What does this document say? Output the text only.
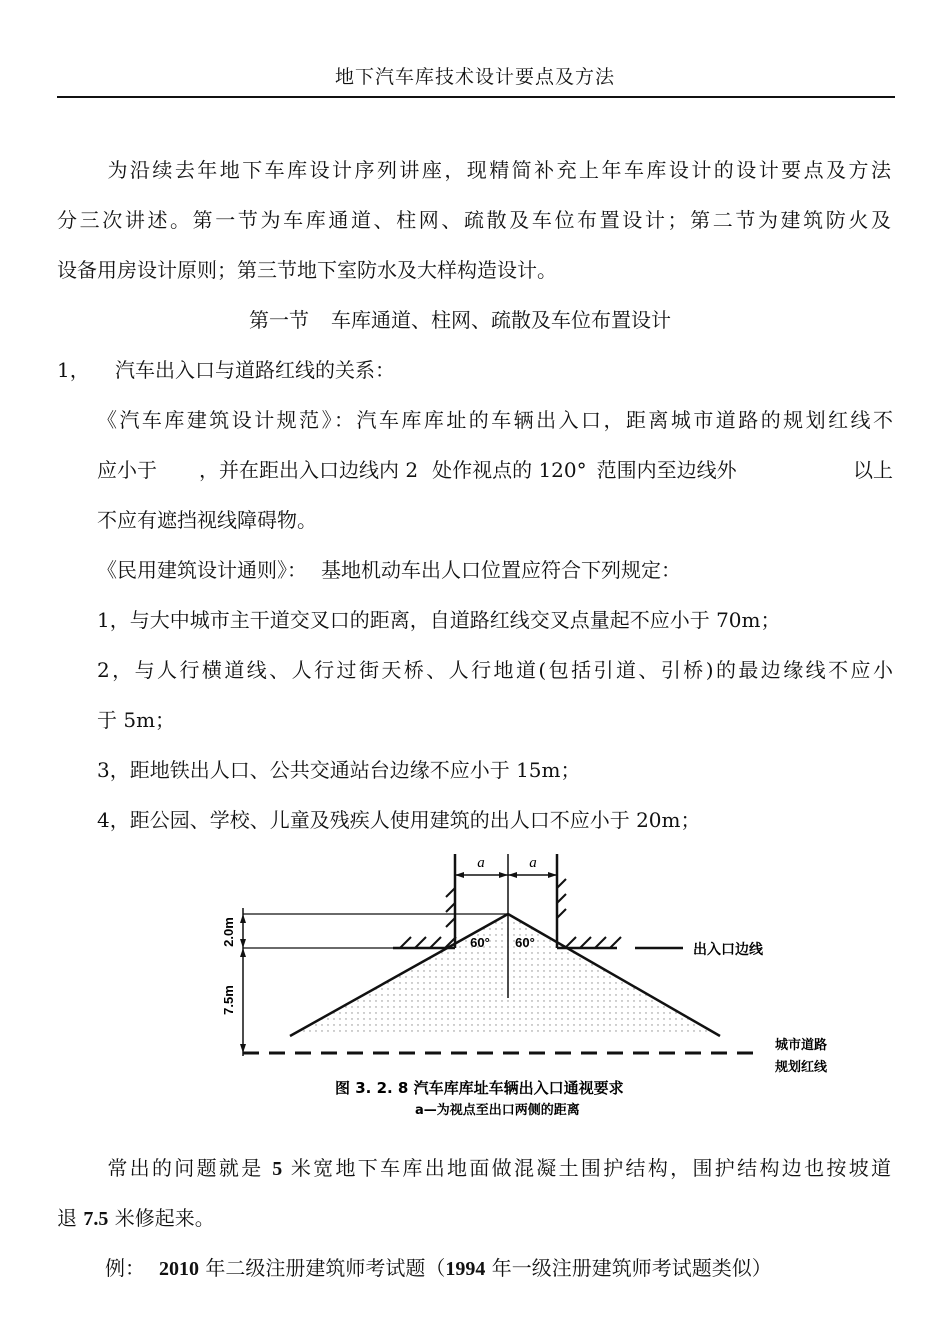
地下汽车库技术设计要点及方法
为沿续去年地下车库设计序列讲座，现精简补充上年车库设计的设计要点及方法
分三次讲述。第一节为车库通道、柱网、疏散及车位布置设计；第二节为建筑防火及
设备用房设计原则；第三节地下室防水及大样构造设计。
第一节 车库通道、柱网、疏散及车位布置设计
1， 汽车出入口与道路红线的关系：
《汽车库建筑设计规范》：汽车库库址的车辆出入口，距离城市道路的规划红线不
应小于 ，并在距出入口边线内 2 处作视点的 120° 范围内至边线外	以上
不应有遮挡视线障碍物。
《民用建筑设计通则》： 基地机动车出人口位置应符合下列规定：
1，与大中城市主干道交叉口的距离，自道路红线交叉点量起不应小于 70m；
2，与人行横道线、人行过街天桥、人行地道(包括引道、引桥)的最边缘线不应小
于 5m；
3，距地铁出人口、公共交通站台边缘不应小于 15m；
4，距公园、学校、儿童及残疾人使用建筑的出人口不应小于 20m；
a	a
2.0m
7.5m
60° 60°	出入口边线
城市道路
规划红线
图 3. 2. 8 汽车库库址车辆出入口通视要求
a—为视点至出口两侧的距离
常出的问题就是 5 米宽地下车库出地面做混凝土围护结构，围护结构边也按坡道
退 7.5 米修起来。
例： 2010 年二级注册建筑师考试题（1994 年一级注册建筑师考试题类似）
